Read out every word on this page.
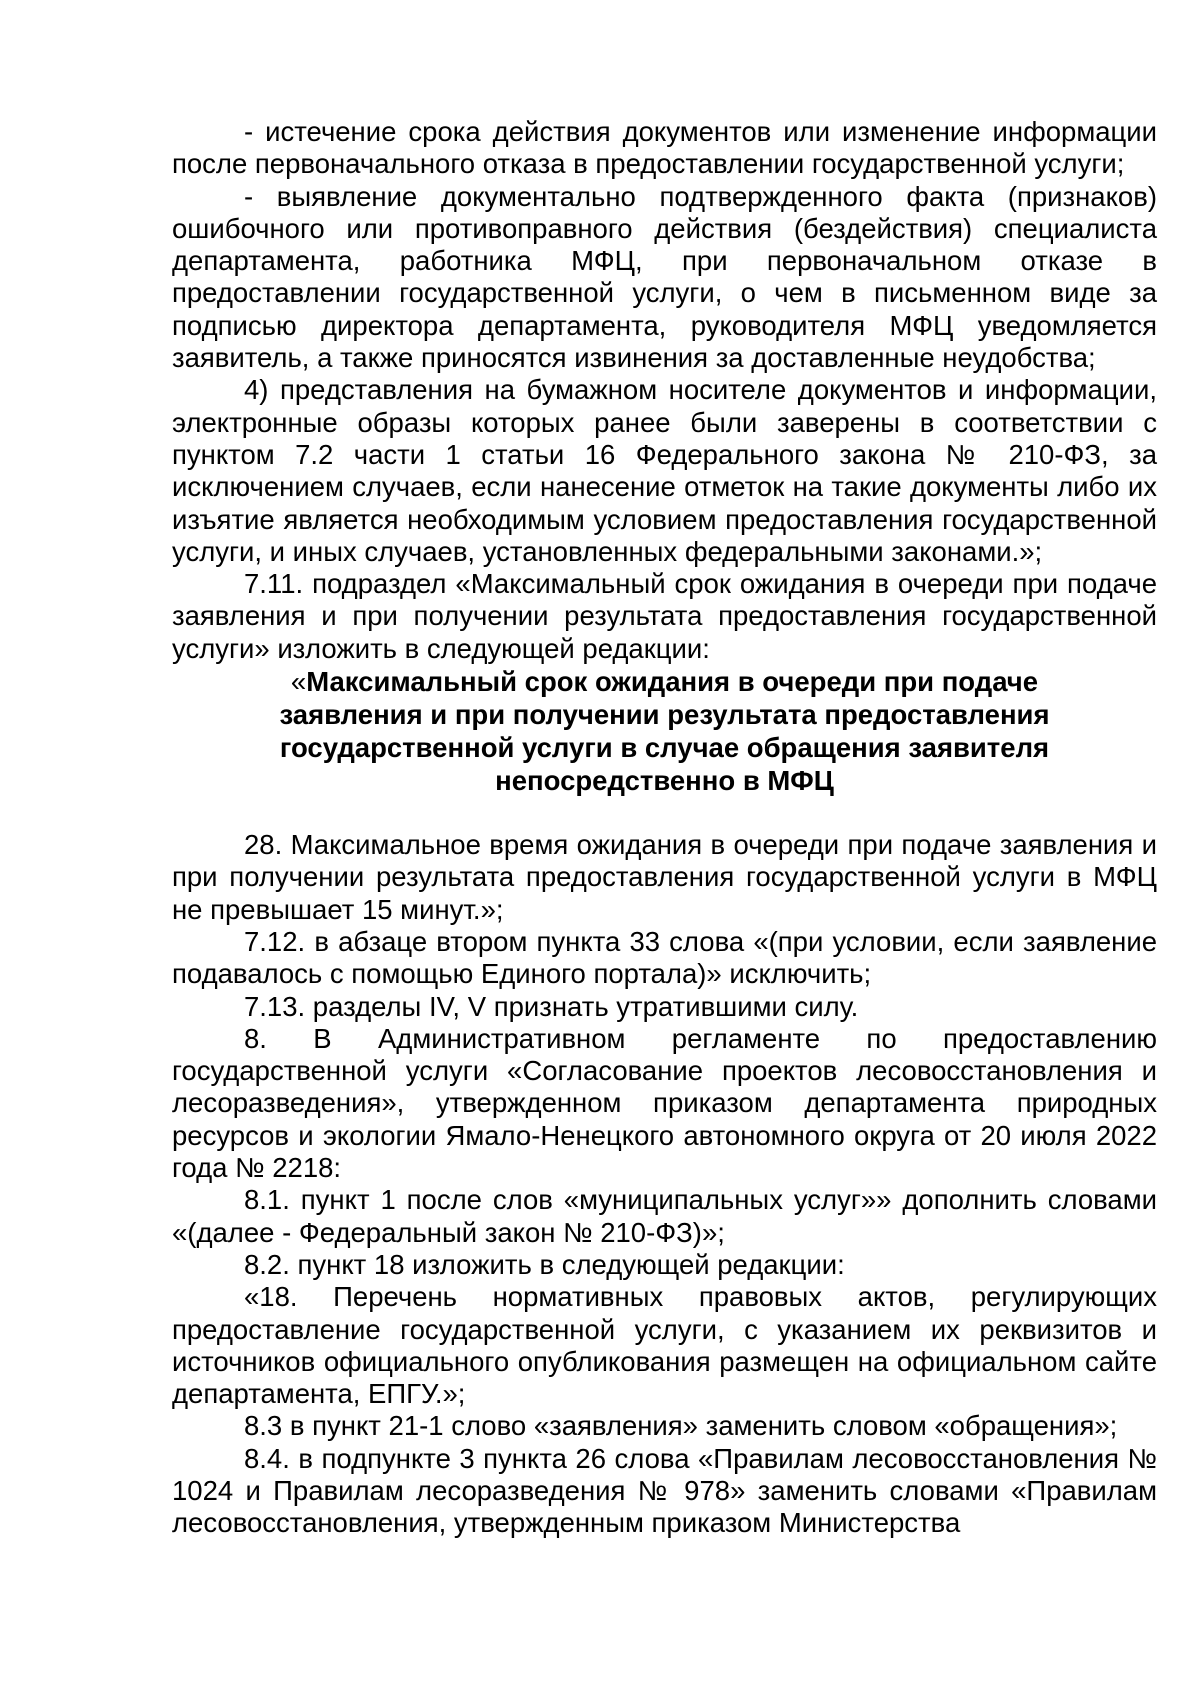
- истечение срока действия документов или изменение информации после первоначального отказа в предоставлении государственной услуги;

- выявление документально подтвержденного факта (признаков) ошибочного или противоправного действия (бездействия) специалиста департамента, работника МФЦ, при первоначальном отказе в предоставлении государственной услуги, о чем в письменном виде за подписью директора департамента, руководителя МФЦ уведомляется заявитель, а также приносятся извинения за доставленные неудобства;

4) представления на бумажном носителе документов и информации, электронные образы которых ранее были заверены в соответствии с пунктом 7.2 части 1 статьи 16 Федерального закона № 210-ФЗ, за исключением случаев, если нанесение отметок на такие документы либо их изъятие является необходимым условием предоставления государственной услуги, и иных случаев, установленных федеральными законами.»;

7.11. подраздел «Максимальный срок ожидания в очереди при подаче заявления и при получении результата предоставления государственной услуги» изложить в следующей редакции:

«Максимальный срок ожидания в очереди при подаче заявления и при получении результата предоставления государственной услуги в случае обращения заявителя непосредственно в МФЦ

28. Максимальное время ожидания в очереди при подаче заявления и при получении результата предоставления государственной услуги в МФЦ не превышает 15 минут.»;

7.12. в абзаце втором пункта 33 слова «(при условии, если заявление подавалось с помощью Единого портала)» исключить;

7.13. разделы IV, V признать утратившими силу.

8. В Административном регламенте по предоставлению государственной услуги «Согласование проектов лесовосстановления и лесоразведения», утвержденном приказом департамента природных ресурсов и экологии Ямало-Ненецкого автономного округа от 20 июля 2022 года № 2218:

8.1. пункт 1 после слов «муниципальных услуг»» дополнить словами «(далее - Федеральный закон № 210-ФЗ)»;

8.2. пункт 18 изложить в следующей редакции:

«18. Перечень нормативных правовых актов, регулирующих предоставление государственной услуги, с указанием их реквизитов и источников официального опубликования размещен на официальном сайте департамента, ЕПГУ.»;

8.3 в пункт 21-1 слово «заявления» заменить словом «обращения»;

8.4. в подпункте 3 пункта 26 слова «Правилам лесовосстановления № 1024 и Правилам лесоразведения № 978» заменить словами «Правилам лесовосстановления, утвержденным приказом Министерства
